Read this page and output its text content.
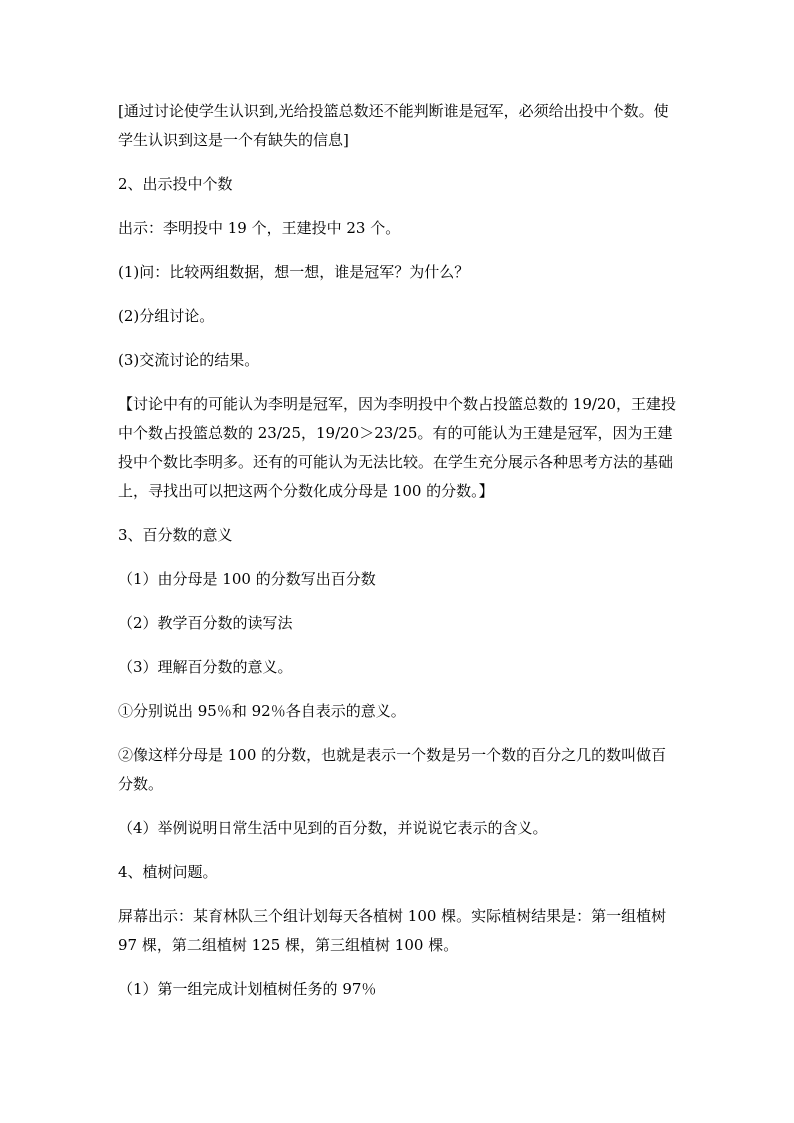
[通过讨论使学生认识到,光给投篮总数还不能判断谁是冠军，必须给出投中个数。使学生认识到这是一个有缺失的信息]

2、出示投中个数

出示：李明投中 19 个，王建投中 23 个。

(1)问：比较两组数据，想一想，谁是冠军？为什么？

(2)分组讨论。

(3)交流讨论的结果。

【讨论中有的可能认为李明是冠军，因为李明投中个数占投篮总数的 19/20，王建投中个数占投篮总数的 23/25，19/20＞23/25。有的可能认为王建是冠军，因为王建投中个数比李明多。还有的可能认为无法比较。在学生充分展示各种思考方法的基础上，寻找出可以把这两个分数化成分母是 100 的分数。】

3、百分数的意义

（1）由分母是 100 的分数写出百分数

（2）教学百分数的读写法

（3）理解百分数的意义。

①分别说出 95％和 92％各自表示的意义。

②像这样分母是 100 的分数，也就是表示一个数是另一个数的百分之几的数叫做百分数。

（4）举例说明日常生活中见到的百分数，并说说它表示的含义。

4、植树问题。

屏幕出示：某育林队三个组计划每天各植树 100 棵。实际植树结果是：第一组植树 97 棵，第二组植树 125 棵，第三组植树 100 棵。

（1）第一组完成计划植树任务的 97％
